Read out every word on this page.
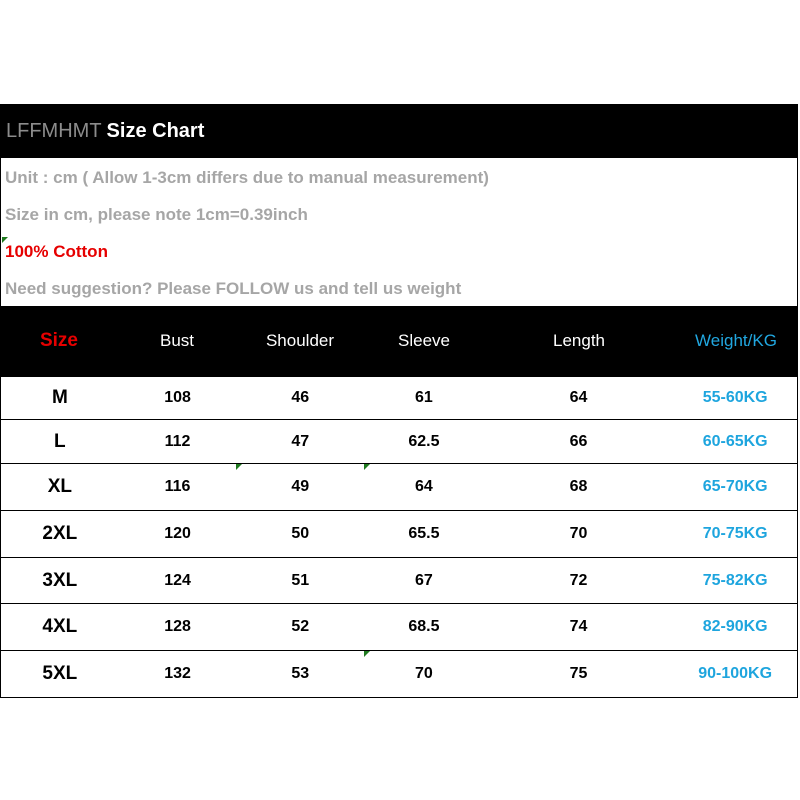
LFFMHMT Size Chart
Unit : cm ( Allow 1-3cm differs due to manual measurement)
Size in cm, please note 1cm=0.39inch
100% Cotton
Need suggestion? Please FOLLOW us and tell us weight
Size	Bust	Shoulder	Sleeve	Length	Weight/KG
M	108	46	61	64	55-60KG
L	112	47	62.5	66	60-65KG
XL	116	49	64	68	65-70KG
2XL	120	50	65.5	70	70-75KG
3XL	124	51	67	72	75-82KG
4XL	128	52	68.5	74	82-90KG
5XL	132	53	70	75	90-100KG
